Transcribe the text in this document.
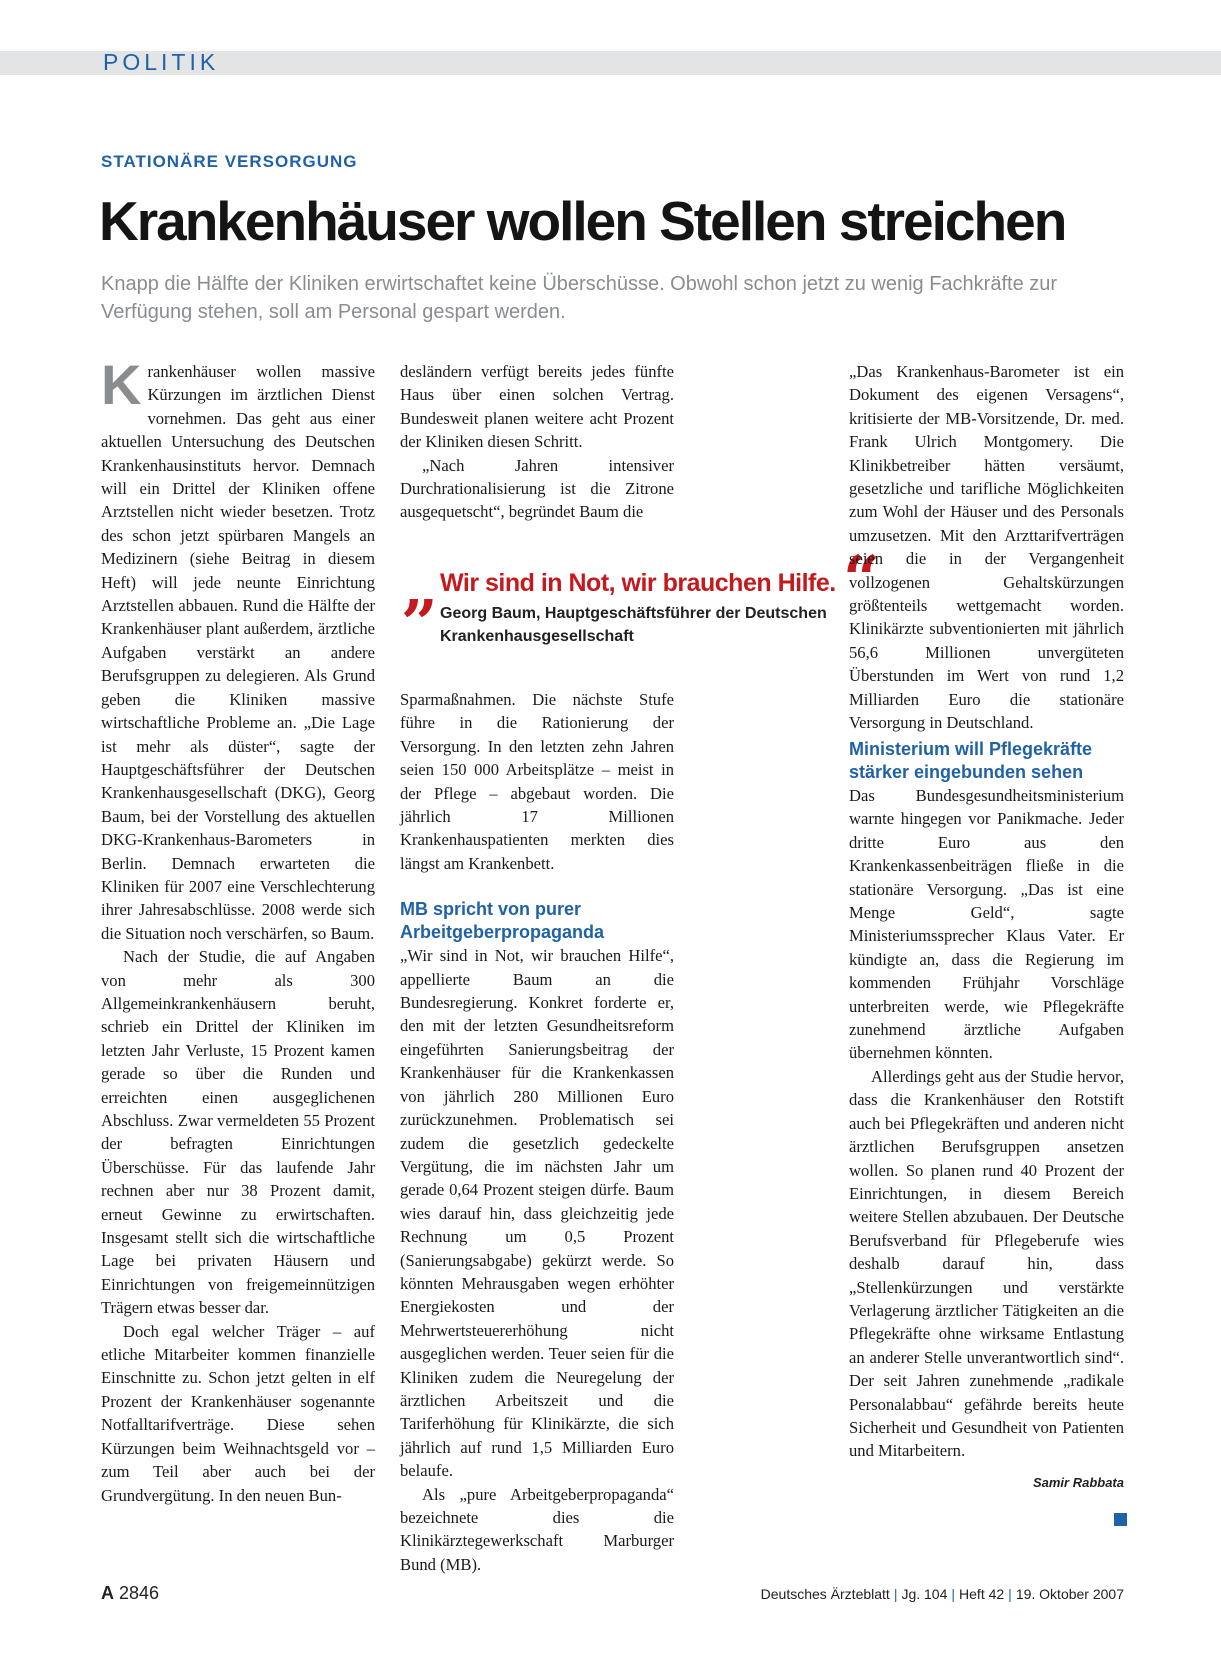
POLITIK
STATIONÄRE VERSORGUNG
Krankenhäuser wollen Stellen streichen
Knapp die Hälfte der Kliniken erwirtschaftet keine Überschüsse. Obwohl schon jetzt zu wenig Fachkräfte zur Verfügung stehen, soll am Personal gespart werden.

K rankenhäuser wollen massive Kürzungen im ärztlichen Dienst vornehmen. Das geht aus einer aktuellen Untersuchung des Deutschen Krankenhausinstituts hervor. Demnach will ein Drittel der Kliniken offene Arztstellen nicht wieder besetzen. Trotz des schon jetzt spürbaren Mangels an Medizinern (siehe Beitrag in diesem Heft) will jede neunte Einrichtung Arztstellen abbauen. Rund die Hälfte der Krankenhäuser plant außerdem, ärztliche Aufgaben verstärkt an andere Berufsgruppen zu delegieren. Als Grund geben die Kliniken massive wirtschaftliche Probleme an. „Die Lage ist mehr als düster“, sagte der Hauptgeschäftsführer der Deutschen Krankenhausgesellschaft (DKG), Georg Baum, bei der Vorstellung des aktuellen DKG-Krankenhaus-Barometers in Berlin. Demnach erwarteten die Kliniken für 2007 eine Verschlechterung ihrer Jahresabschlüsse. 2008 werde sich die Situation noch verschärfen, so Baum.

Nach der Studie, die auf Angaben von mehr als 300 Allgemeinkrankenhäusern beruht, schrieb ein Drittel der Kliniken im letzten Jahr Verluste, 15 Prozent kamen gerade so über die Runden und erreichten einen ausgeglichenen Abschluss. Zwar vermeldeten 55 Prozent der befragten Einrichtungen Überschüsse. Für das laufende Jahr rechnen aber nur 38 Prozent damit, erneut Gewinne zu erwirtschaften. Insgesamt stellt sich die wirtschaftliche Lage bei privaten Häusern und Einrichtungen von freigemeinnützigen Trägern etwas besser dar.

Doch egal welcher Träger – auf etliche Mitarbeiter kommen finanzielle Einschnitte zu. Schon jetzt gelten in elf Prozent der Krankenhäuser sogenannte Notfalltarifverträge. Diese sehen Kürzungen beim Weihnachtsgeld vor – zum Teil aber auch bei der Grundvergütung. In den neuen Bun-

desländern verfügt bereits jedes fünfte Haus über einen solchen Vertrag. Bundesweit planen weitere acht Prozent der Kliniken diesen Schritt.

„Nach Jahren intensiver Durchrationalisierung ist die Zitrone ausgequetscht“, begründet Baum die

„ Wir sind in Not, wir brauchen Hilfe. “
Georg Baum, Hauptgeschäftsführer der Deutschen Krankenhausgesellschaft

Sparmaßnahmen. Die nächste Stufe führe in die Rationierung der Versorgung. In den letzten zehn Jahren seien 150 000 Arbeitsplätze – meist in der Pflege – abgebaut worden. Die jährlich 17 Millionen Krankenhauspatienten merkten dies längst am Krankenbett.

MB spricht von purer Arbeitgeberpropaganda

„Wir sind in Not, wir brauchen Hilfe“, appellierte Baum an die Bundesregierung. Konkret forderte er, den mit der letzten Gesundheitsreform eingeführten Sanierungsbeitrag der Krankenhäuser für die Krankenkassen von jährlich 280 Millionen Euro zurückzunehmen. Problematisch sei zudem die gesetzlich gedeckelte Vergütung, die im nächsten Jahr um gerade 0,64 Prozent steigen dürfe. Baum wies darauf hin, dass gleichzeitig jede Rechnung um 0,5 Prozent (Sanierungsabgabe) gekürzt werde. So könnten Mehrausgaben wegen erhöhter Energiekosten und der Mehrwertsteuererhöhung nicht ausgeglichen werden. Teuer seien für die Kliniken zudem die Neuregelung der ärztlichen Arbeitszeit und die Tariferhöhung für Klinikärzte, die sich jährlich auf rund 1,5 Milliarden Euro belaufe.

Als „pure Arbeitgeberpropaganda“ bezeichnete dies die Klinikärztegewerkschaft Marburger Bund (MB).

„Das Krankenhaus-Barometer ist ein Dokument des eigenen Versagens“, kritisierte der MB-Vorsitzende, Dr. med. Frank Ulrich Montgomery. Die Klinikbetreiber hätten versäumt, gesetzliche und tarifliche Möglichkeiten zum Wohl der Häuser und des Personals umzusetzen. Mit den Arzttarifverträgen seien die in der Vergangenheit vollzogenen Gehaltskürzungen größtenteils wettgemacht worden. Klinikärzte subventionierten mit jährlich 56,6 Millionen unvergüteten Überstunden im Wert von rund 1,2 Milliarden Euro die stationäre Versorgung in Deutschland.

Ministerium will Pflegekräfte stärker eingebunden sehen

Das Bundesgesundheitsministerium warnte hingegen vor Panikmache. Jeder dritte Euro aus den Krankenkassenbeiträgen fließe in die stationäre Versorgung. „Das ist eine Menge Geld“, sagte Ministeriumssprecher Klaus Vater. Er kündigte an, dass die Regierung im kommenden Frühjahr Vorschläge unterbreiten werde, wie Pflegekräfte zunehmend ärztliche Aufgaben übernehmen könnten.

Allerdings geht aus der Studie hervor, dass die Krankenhäuser den Rotstift auch bei Pflegekräften und anderen nicht ärztlichen Berufsgruppen ansetzen wollen. So planen rund 40 Prozent der Einrichtungen, in diesem Bereich weitere Stellen abzubauen. Der Deutsche Berufsverband für Pflegeberufe wies deshalb darauf hin, dass „Stellenkürzungen und verstärkte Verlagerung ärztlicher Tätigkeiten an die Pflegekräfte ohne wirksame Entlastung an anderer Stelle unverantwortlich sind“. Der seit Jahren zunehmende „radikale Personalabbau“ gefährde bereits heute Sicherheit und Gesundheit von Patienten und Mitarbeitern.

Samir Rabbata
A 2846	Deutsches Ärzteblatt | Jg. 104 | Heft 42 | 19. Oktober 2007
